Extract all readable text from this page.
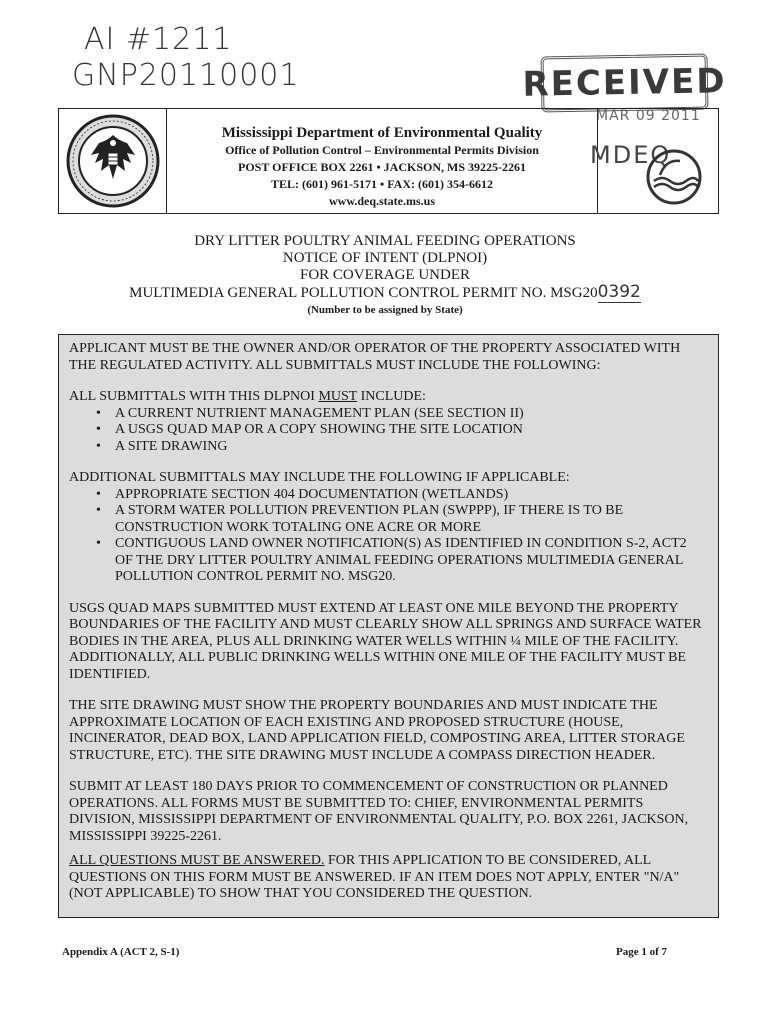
AI #1211
GNP20110001	RECEIVED
MAR 09 2011
Mississippi Department of Environmental Quality
Office of Pollution Control – Environmental Permits Division
POST OFFICE BOX 2261 • JACKSON, MS 39225-2261
TEL: (601) 961-5171 • FAX: (601) 354-6612
www.deq.state.ms.us
MDEQ
DRY LITTER POULTRY ANIMAL FEEDING OPERATIONS
NOTICE OF INTENT (DLPNOI)
FOR COVERAGE UNDER
MULTIMEDIA GENERAL POLLUTION CONTROL PERMIT NO. MSG200392
(Number to be assigned by State)

APPLICANT MUST BE THE OWNER AND/OR OPERATOR OF THE PROPERTY ASSOCIATED WITH THE REGULATED ACTIVITY. ALL SUBMITTALS MUST INCLUDE THE FOLLOWING:

ALL SUBMITTALS WITH THIS DLPNOI MUST INCLUDE:

• A CURRENT NUTRIENT MANAGEMENT PLAN (SEE SECTION II)
• A USGS QUAD MAP OR A COPY SHOWING THE SITE LOCATION
• A SITE DRAWING

ADDITIONAL SUBMITTALS MAY INCLUDE THE FOLLOWING IF APPLICABLE:

• APPROPRIATE SECTION 404 DOCUMENTATION (WETLANDS)
• A STORM WATER POLLUTION PREVENTION PLAN (SWPPP), IF THERE IS TO BE CONSTRUCTION WORK TOTALING ONE ACRE OR MORE
• CONTIGUOUS LAND OWNER NOTIFICATION(S) AS IDENTIFIED IN CONDITION S-2, ACT2 OF THE DRY LITTER POULTRY ANIMAL FEEDING OPERATIONS MULTIMEDIA GENERAL POLLUTION CONTROL PERMIT NO. MSG20.

USGS QUAD MAPS SUBMITTED MUST EXTEND AT LEAST ONE MILE BEYOND THE PROPERTY BOUNDARIES OF THE FACILITY AND MUST CLEARLY SHOW ALL SPRINGS AND SURFACE WATER BODIES IN THE AREA, PLUS ALL DRINKING WATER WELLS WITHIN ¼ MILE OF THE FACILITY. ADDITIONALLY, ALL PUBLIC DRINKING WELLS WITHIN ONE MILE OF THE FACILITY MUST BE IDENTIFIED.

THE SITE DRAWING MUST SHOW THE PROPERTY BOUNDARIES AND MUST INDICATE THE APPROXIMATE LOCATION OF EACH EXISTING AND PROPOSED STRUCTURE (HOUSE, INCINERATOR, DEAD BOX, LAND APPLICATION FIELD, COMPOSTING AREA, LITTER STORAGE STRUCTURE, ETC). THE SITE DRAWING MUST INCLUDE A COMPASS DIRECTION HEADER.

SUBMIT AT LEAST 180 DAYS PRIOR TO COMMENCEMENT OF CONSTRUCTION OR PLANNED OPERATIONS. ALL FORMS MUST BE SUBMITTED TO: CHIEF, ENVIRONMENTAL PERMITS DIVISION, MISSISSIPPI DEPARTMENT OF ENVIRONMENTAL QUALITY, P.O. BOX 2261, JACKSON, MISSISSIPPI 39225-2261.

ALL QUESTIONS MUST BE ANSWERED. FOR THIS APPLICATION TO BE CONSIDERED, ALL QUESTIONS ON THIS FORM MUST BE ANSWERED. IF AN ITEM DOES NOT APPLY, ENTER "N/A" (NOT APPLICABLE) TO SHOW THAT YOU CONSIDERED THE QUESTION.

Appendix A (ACT 2, S-1)	Page 1 of 7
